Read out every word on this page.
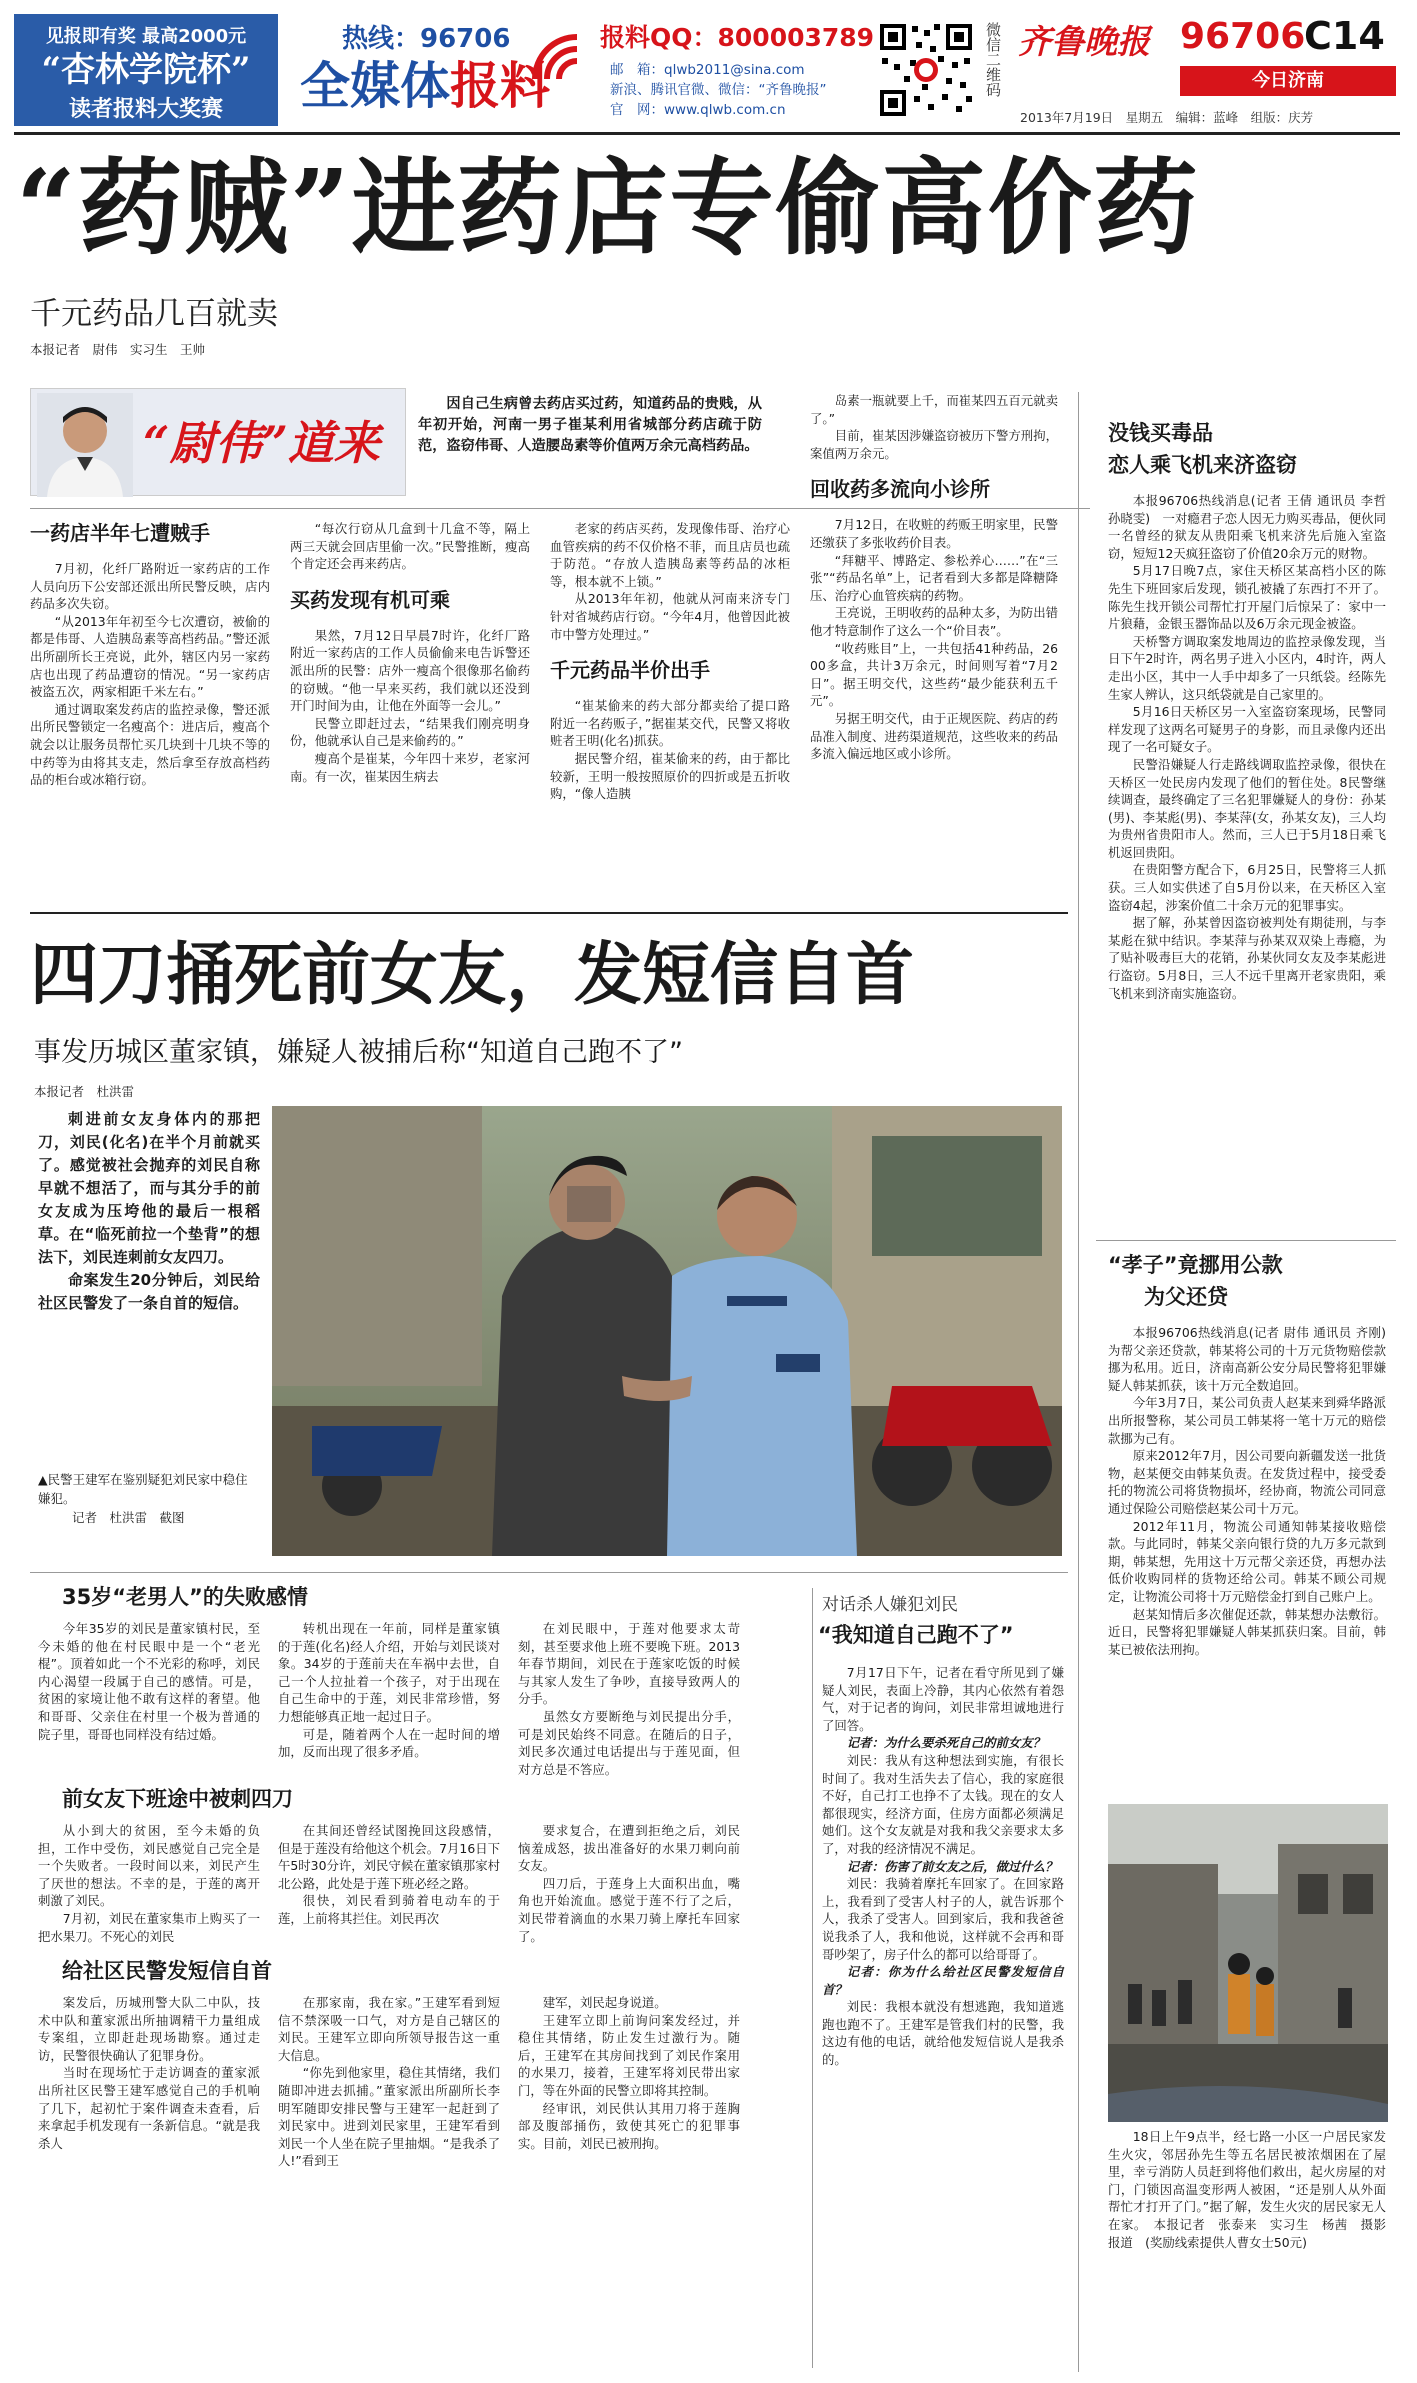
见报即有奖 最高2000元
“杏林学院杯”
读者报料大奖赛
热线：96706
全媒体报料
报料QQ：800003789
邮　箱：qlwb2011@sina.com
新浪、腾讯官微、微信：“齐鲁晚报”
官　网：www.qlwb.com.cn
微信二维码 齐鲁晚报 96706
C14
今日济南
2013年7月19日　星期五　编辑：蓝峰　组版：庆芳
“药贼”进药店专偷高价药
千元药品几百就卖
本报记者　尉伟　实习生　王帅
“尉伟”道来

因自己生病曾去药店买过药，知道药品的贵贱，从年初开始，河南一男子崔某利用省城部分药店疏于防范，盗窃伟哥、人造腰岛素等价值两万余元高档药品。

一药店半年七遭贼手

7月初，化纤厂路附近一家药店的工作人员向历下公安部还派出所民警反映，店内药品多次失窃。

“从2013年年初至今七次遭窃，被偷的都是伟哥、人造胰岛素等高档药品。”警还派出所副所长王亮说，此外，辖区内另一家药店也出现了药品遭窃的情况。“另一家药店被盗五次，两家相距千米左右。”

通过调取案发药店的监控录像，警还派出所民警锁定一名瘦高个：进店后，瘦高个就会以让服务员帮忙买几块到十几块不等的中药等为由将其支走，然后拿至存放高档药品的柜台或冰箱行窃。

“每次行窃从几盒到十几盒不等，隔上两三天就会回店里偷一次。”民警推断，瘦高个肯定还会再来药店。

买药发现有机可乘

果然，7月12日早晨7时许，化纤厂路附近一家药店的工作人员偷偷来电告诉警还派出所的民警：店外一瘦高个很像那名偷药的窃贼。“他一早来买药，我们就以还没到开门时间为由，让他在外面等一会儿。”

民警立即赶过去，“结果我们刚亮明身份，他就承认自己是来偷药的。”

瘦高个是崔某，今年四十来岁，老家河南。有一次，崔某因生病去

老家的药店买药，发现像伟哥、治疗心血管疾病的药不仅价格不菲，而且店员也疏于防范。“存放人造胰岛素等药品的冰柜等，根本就不上锁。”

从2013年年初，他就从河南来济专门针对省城药店行窃。“今年4月，他曾因此被市中警方处理过。”

千元药品半价出手

“崔某偷来的药大部分都卖给了提口路附近一名药贩子，”据崔某交代，民警又将收赃者王明(化名)抓获。

据民警介绍，崔某偷来的药，由于都比较新，王明一般按照原价的四折或是五折收购，“像人造胰

岛素一瓶就要上千，而崔某四五百元就卖了。”

目前，崔某因涉嫌盗窃被历下警方刑拘，案值两万余元。

回收药多流向小诊所

7月12日，在收赃的药贩王明家里，民警还缴获了多张收药价目表。

“拜糖平、博路定、参松养心……”在“三张”“药品名单”上，记者看到大多都是降糖降压、治疗心血管疾病的药物。

王亮说，王明收药的品种太多，为防出错他才特意制作了这么一个“价目表”。

“收药账目”上，一共包括41种药品，2600多盒，共计3万余元，时间则写着“7月2日”。据王明交代，这些药“最少能获利五千元”。

另据王明交代，由于正规医院、药店的药品准入制度、进药渠道规范，这些收来的药品多流入偏远地区或小诊所。

四刀捅死前女友，发短信自首
事发历城区董家镇，嫌疑人被捕后称“知道自己跑不了”
本报记者　杜洪雷

刺进前女友身体内的那把刀，刘民(化名)在半个月前就买了。感觉被社会抛弃的刘民自称早就不想活了，而与其分手的前女友成为压垮他的最后一根稻草。在“临死前拉一个垫背”的想法下，刘民连刺前女友四刀。

命案发生20分钟后，刘民给社区民警发了一条自首的短信。

▲民警王建军在鉴别疑犯刘民家中稳住嫌犯。
记者　杜洪雷　截图
35岁“老男人”的失败感情

今年35岁的刘民是董家镇村民，至今未婚的他在村民眼中是一个“老光棍”。顶着如此一个不光彩的称呼，刘民内心渴望一段属于自己的感情。可是，贫困的家境让他不敢有这样的奢望。他和哥哥、父亲住在村里一个极为普通的院子里，哥哥也同样没有结过婚。

转机出现在一年前，同样是董家镇的于莲(化名)经人介绍，开始与刘民谈对象。34岁的于莲前夫在车祸中去世，自己一个人拉扯着一个孩子，对于出现在自己生命中的于莲，刘民非常珍惜，努力想能够真正地一起过日子。

可是，随着两个人在一起时间的增加，反而出现了很多矛盾。

在刘民眼中，于莲对他要求太苛刻，甚至要求他上班不要晚下班。2013年春节期间，刘民在于莲家吃饭的时候与其家人发生了争吵，直接导致两人的分手。

虽然女方要断绝与刘民提出分手，可是刘民始终不同意。在随后的日子，刘民多次通过电话提出与于莲见面，但对方总是不答应。

前女友下班途中被刺四刀

从小到大的贫困，至今未婚的负担，工作中受伤，刘民感觉自己完全是一个失败者。一段时间以来，刘民产生了厌世的想法。不幸的是，于莲的离开刺激了刘民。

7月初，刘民在董家集市上购买了一把水果刀。不死心的刘民

在其间还曾经试图挽回这段感情，但是于莲没有给他这个机会。7月16日下午5时30分许，刘民守候在董家镇那家村北公路，此处是于莲下班必经之路。

很快，刘民看到骑着电动车的于莲，上前将其拦住。刘民再次

要求复合，在遭到拒绝之后，刘民恼羞成怒，拔出准备好的水果刀刺向前女友。

四刀后，于莲身上大面积出血，嘴角也开始流血。感觉于莲不行了之后，刘民带着滴血的水果刀骑上摩托车回家了。

给社区民警发短信自首

案发后，历城刑警大队二中队，技术中队和董家派出所抽调精干力量组成专案组，立即赶赴现场勘察。通过走访，民警很快确认了犯罪身份。

当时在现场忙于走访调查的董家派出所社区民警王建军感觉自己的手机响了几下，起初忙于案件调查未查看，后来拿起手机发现有一条新信息。“就是我杀人

在那家南，我在家。”王建军看到短信不禁深吸一口气，对方是自己辖区的刘民。王建军立即向所领导报告这一重大信息。

“你先到他家里，稳住其情绪，我们随即冲进去抓捕。”董家派出所副所长李明军随即安排民警与王建军一起赶到了刘民家中。进到刘民家里，王建军看到刘民一个人坐在院子里抽烟。“是我杀了人!”看到王

建军，刘民起身说道。

王建军立即上前询问案发经过，并稳住其情绪，防止发生过激行为。随后，王建军在其房间找到了刘民作案用的水果刀，接着，王建军将刘民带出家门，等在外面的民警立即将其控制。

经审讯，刘民供认其用刀将于莲胸部及腹部捅伤，致使其死亡的犯罪事实。目前，刘民已被刑拘。

对话杀人嫌犯刘民
“我知道自己跑不了”

7月17日下午，记者在看守所见到了嫌疑人刘民，表面上冷静，其内心依然有着怨气，对于记者的询问，刘民非常坦诚地进行了回答。

记者：为什么要杀死自己的前女友？

刘民：我从有这种想法到实施，有很长时间了。我对生活失去了信心，我的家庭很不好，自己打工也挣不了太钱。现在的女人都很现实，经济方面，住房方面都必须满足她们。这个女友就是对我和我父亲要求太多了，对我的经济情况不满足。

记者：伤害了前女友之后，做过什么？

刘民：我骑着摩托车回家了。在回家路上，我看到了受害人村子的人，就告诉那个人，我杀了受害人。回到家后，我和我爸爸说我杀了人，我和他说，这样就不会再和哥哥吵架了，房子什么的都可以给哥哥了。

记者：你为什么给社区民警发短信自首？

刘民：我根本就没有想逃跑，我知道逃跑也跑不了。王建军是管我们村的民警，我这边有他的电话，就给他发短信说人是我杀的。

没钱买毒品
恋人乘飞机来济盗窃

本报96706热线消息(记者 王倩 通讯员 李哲 孙晓雯)　一对瘾君子恋人因无力购买毒品，便伙同一名曾经的狱友从贵阳乘飞机来济先后施入室盗窃，短短12天疯狂盗窃了价值20余万元的财物。

5月17日晚7点，家住天桥区某高档小区的陈先生下班回家后发现，锁孔被撬了东西打不开了。陈先生找开锁公司帮忙打开屋门后惊呆了：家中一片狼藉，金银玉器饰品以及6万余元现金被盗。

天桥警方调取案发地周边的监控录像发现，当日下午2时许，两名男子进入小区内，4时许，两人走出小区，其中一人手中却多了一只纸袋。经陈先生家人辨认，这只纸袋就是自己家里的。

5月16日天桥区另一入室盗窃案现场，民警同样发现了这两名可疑男子的身影，而且录像内还出现了一名可疑女子。

民警沿嫌疑人行走路线调取监控录像，很快在天桥区一处民房内发现了他们的暂住处。8民警继续调查，最终确定了三名犯罪嫌疑人的身份：孙某(男)、李某彪(男)、李某萍(女，孙某女友)，三人均为贵州省贵阳市人。然而，三人已于5月18日乘飞机返回贵阳。

在贵阳警方配合下，6月25日，民警将三人抓获。三人如实供述了自5月份以来，在天桥区入室盗窃4起，涉案价值二十余万元的犯罪事实。

据了解，孙某曾因盗窃被判处有期徒刑，与李某彪在狱中结识。李某萍与孙某双双染上毒瘾，为了贴补吸毒巨大的花销，孙某伙同女友及李某彪进行盗窃。5月8日，三人不远千里离开老家贵阳，乘飞机来到济南实施盗窃。

“孝子”竟挪用公款
为父还贷

本报96706热线消息(记者 尉伟 通讯员 齐刚)　为帮父亲还贷款，韩某将公司的十万元货物赔偿款挪为私用。近日，济南高新公安分局民警将犯罪嫌疑人韩某抓获，该十万元全数追回。

今年3月7日，某公司负责人赵某来到舜华路派出所报警称，某公司员工韩某将一笔十万元的赔偿款挪为己有。

原来2012年7月，因公司要向新疆发送一批货物，赵某便交由韩某负责。在发货过程中，接受委托的物流公司将货物损坏，经协商，物流公司同意通过保险公司赔偿赵某公司十万元。

2012年11月，物流公司通知韩某接收赔偿款。与此同时，韩某父亲向银行贷的九万多元款到期，韩某想，先用这十万元帮父亲还贷，再想办法低价收购同样的货物还给公司。韩某不顾公司规定，让物流公司将十万元赔偿金打到自己账户上。

赵某知情后多次催促还款，韩某想办法敷衍。近日，民警将犯罪嫌疑人韩某抓获归案。目前，韩某已被依法刑拘。

18日上午9点半，经七路一小区一户居民家发生火灾，邻居孙先生等五名居民被浓烟困在了屋里，幸亏消防人员赶到将他们救出，起火房屋的对门，门锁因高温变形两人被困，“还是别人从外面帮忙才打开了门。”据了解，发生火灾的居民家无人在家。　本报记者　张泰来　实习生　杨茜　摄影报道　(奖励线索提供人曹女士50元)
